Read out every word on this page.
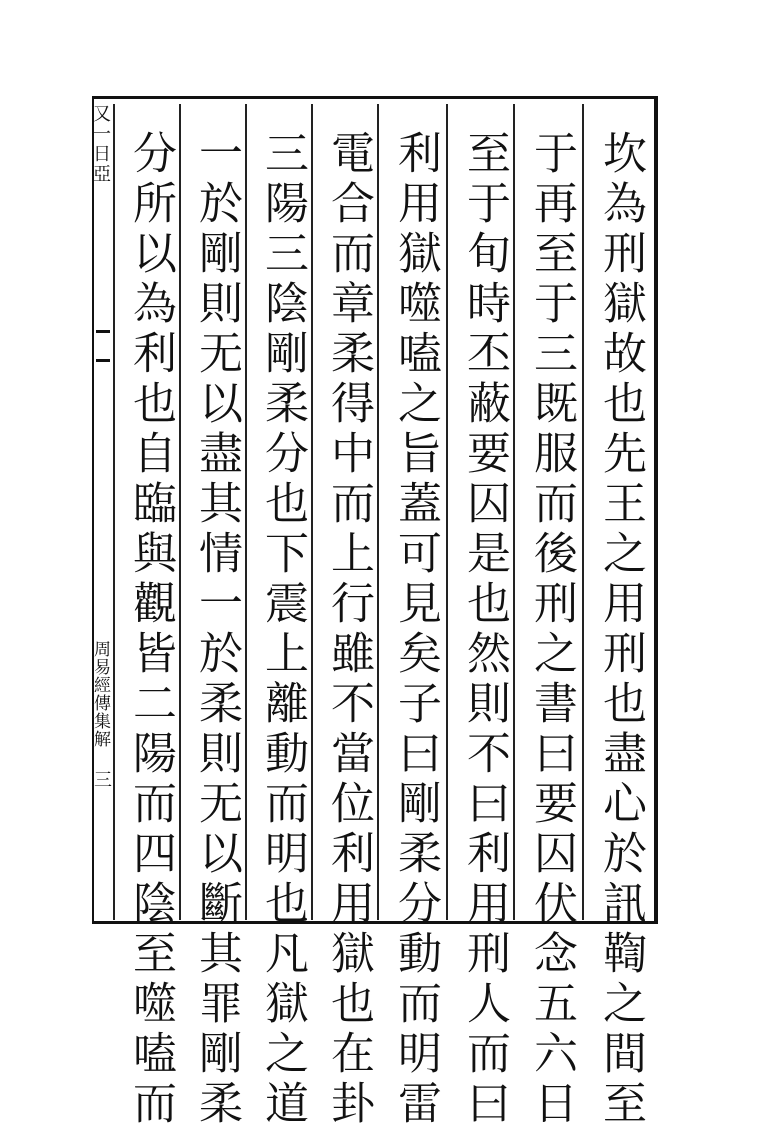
又一日亞
周易經傳集解
三	坎為刑獄故也先王之用刑也盡心於訊鞫之間至
于再至于三既服而後刑之書曰要囚伏念五六日
至于旬時丕蔽要囚是也然則不曰利用刑人而曰
利用獄噬嗑之旨蓋可見矣子曰剛柔分動而明雷
電合而章柔得中而上行雖不當位利用獄也在卦
三陽三陰剛柔分也下震上離動而明也凡獄之道
一於剛則无以盡其情一於柔則无以斷其罪剛柔
分所以為利也自臨與觀皆二陽而四陰至噬嗑而
